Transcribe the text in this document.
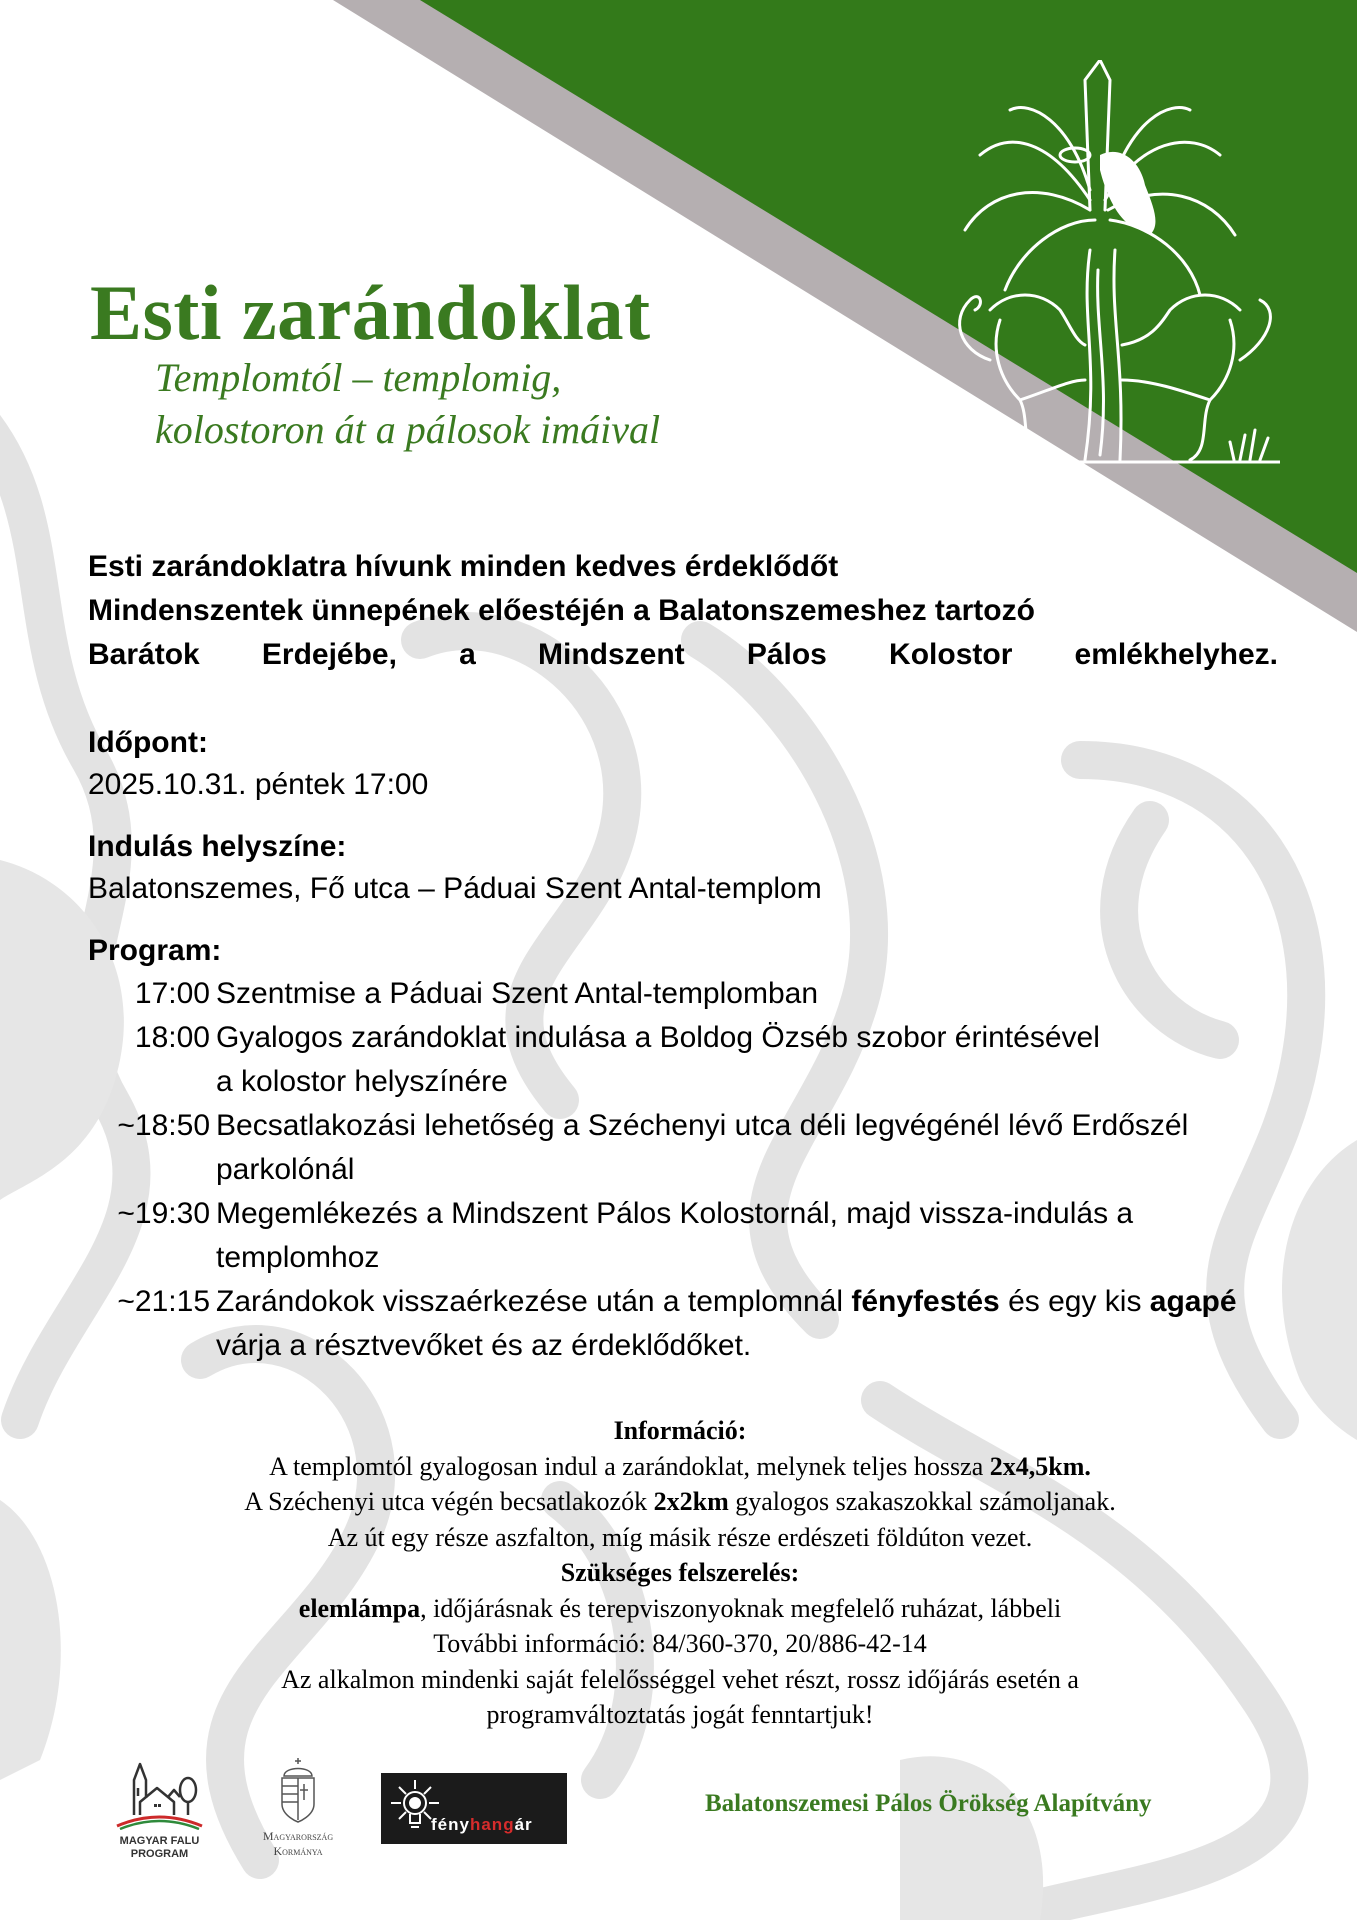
Esti zarándoklat
Templomtól – templomig,
kolostoron át a pálosok imáival
Esti zarándoklatra hívunk minden kedves érdeklődőt
Mindenszentek ünnepének előestéjén a Balatonszemeshez tartozó
Barátok Erdejébe, a Mindszent Pálos Kolostor emlékhelyhez.
Időpont:
2025.10.31. péntek 17:00
Indulás helyszíne:
Balatonszemes, Fő utca – Páduai Szent Antal-templom
Program:
17:00 Szentmise a Páduai Szent Antal-templomban
18:00 Gyalogos zarándoklat indulása a Boldog Özséb szobor érintésével a kolostor helyszínére
~18:50 Becsatlakozási lehetőség a Széchenyi utca déli legvégénél lévő Erdőszél parkolónál
~19:30 Megemlékezés a Mindszent Pálos Kolostornál, majd vissza-indulás a templomhoz
~21:15 Zarándokok visszaérkezése után a templomnál fényfestés és egy kis agapé várja a résztvevőket és az érdeklődőket.
Információ:
A templomtól gyalogosan indul a zarándoklat, melynek teljes hossza 2x4,5km.
A Széchenyi utca végén becsatlakozók 2x2km gyalogos szakaszokkal számoljanak.
Az út egy része aszfalton, míg másik része erdészeti földúton vezet.
Szükséges felszerelés:
elemlámpa, időjárásnak és terepviszonyoknak megfelelő ruházat, lábbeli
További információ: 84/360-370, 20/886-42-14
Az alkalmon mindenki saját felelősséggel vehet részt, rossz időjárás esetén a
programváltoztatás jogát fenntartjuk!
MAGYAR FALU
PROGRAM
Magyarország
Kormánya
fényhangár
Balatonszemesi Pálos Örökség Alapítvány
